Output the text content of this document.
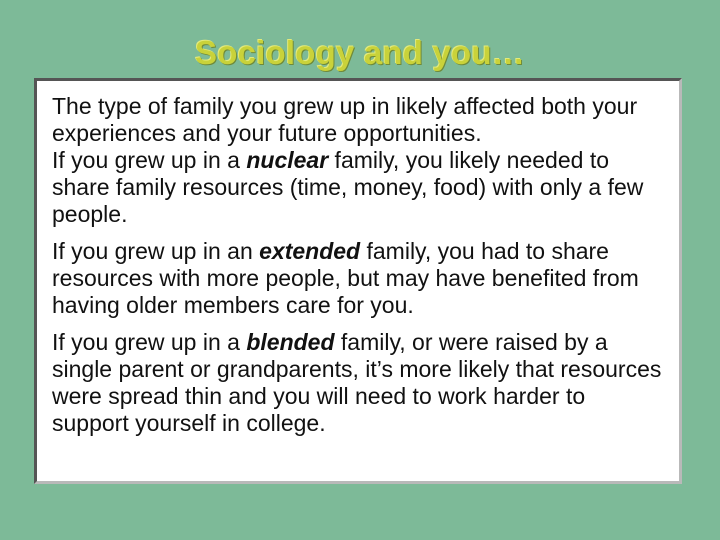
Sociology and you…

The type of family you grew up in likely affected both your experiences and your future opportunities.

If you grew up in a nuclear family, you likely needed to share family resources (time, money, food) with only a few people.

If you grew up in an extended family, you had to share resources with more people, but may have benefited from having older members care for you.

If you grew up in a blended family, or were raised by a single parent or grandparents, it’s more likely that resources were spread thin and you will need to work harder to support yourself in college.
